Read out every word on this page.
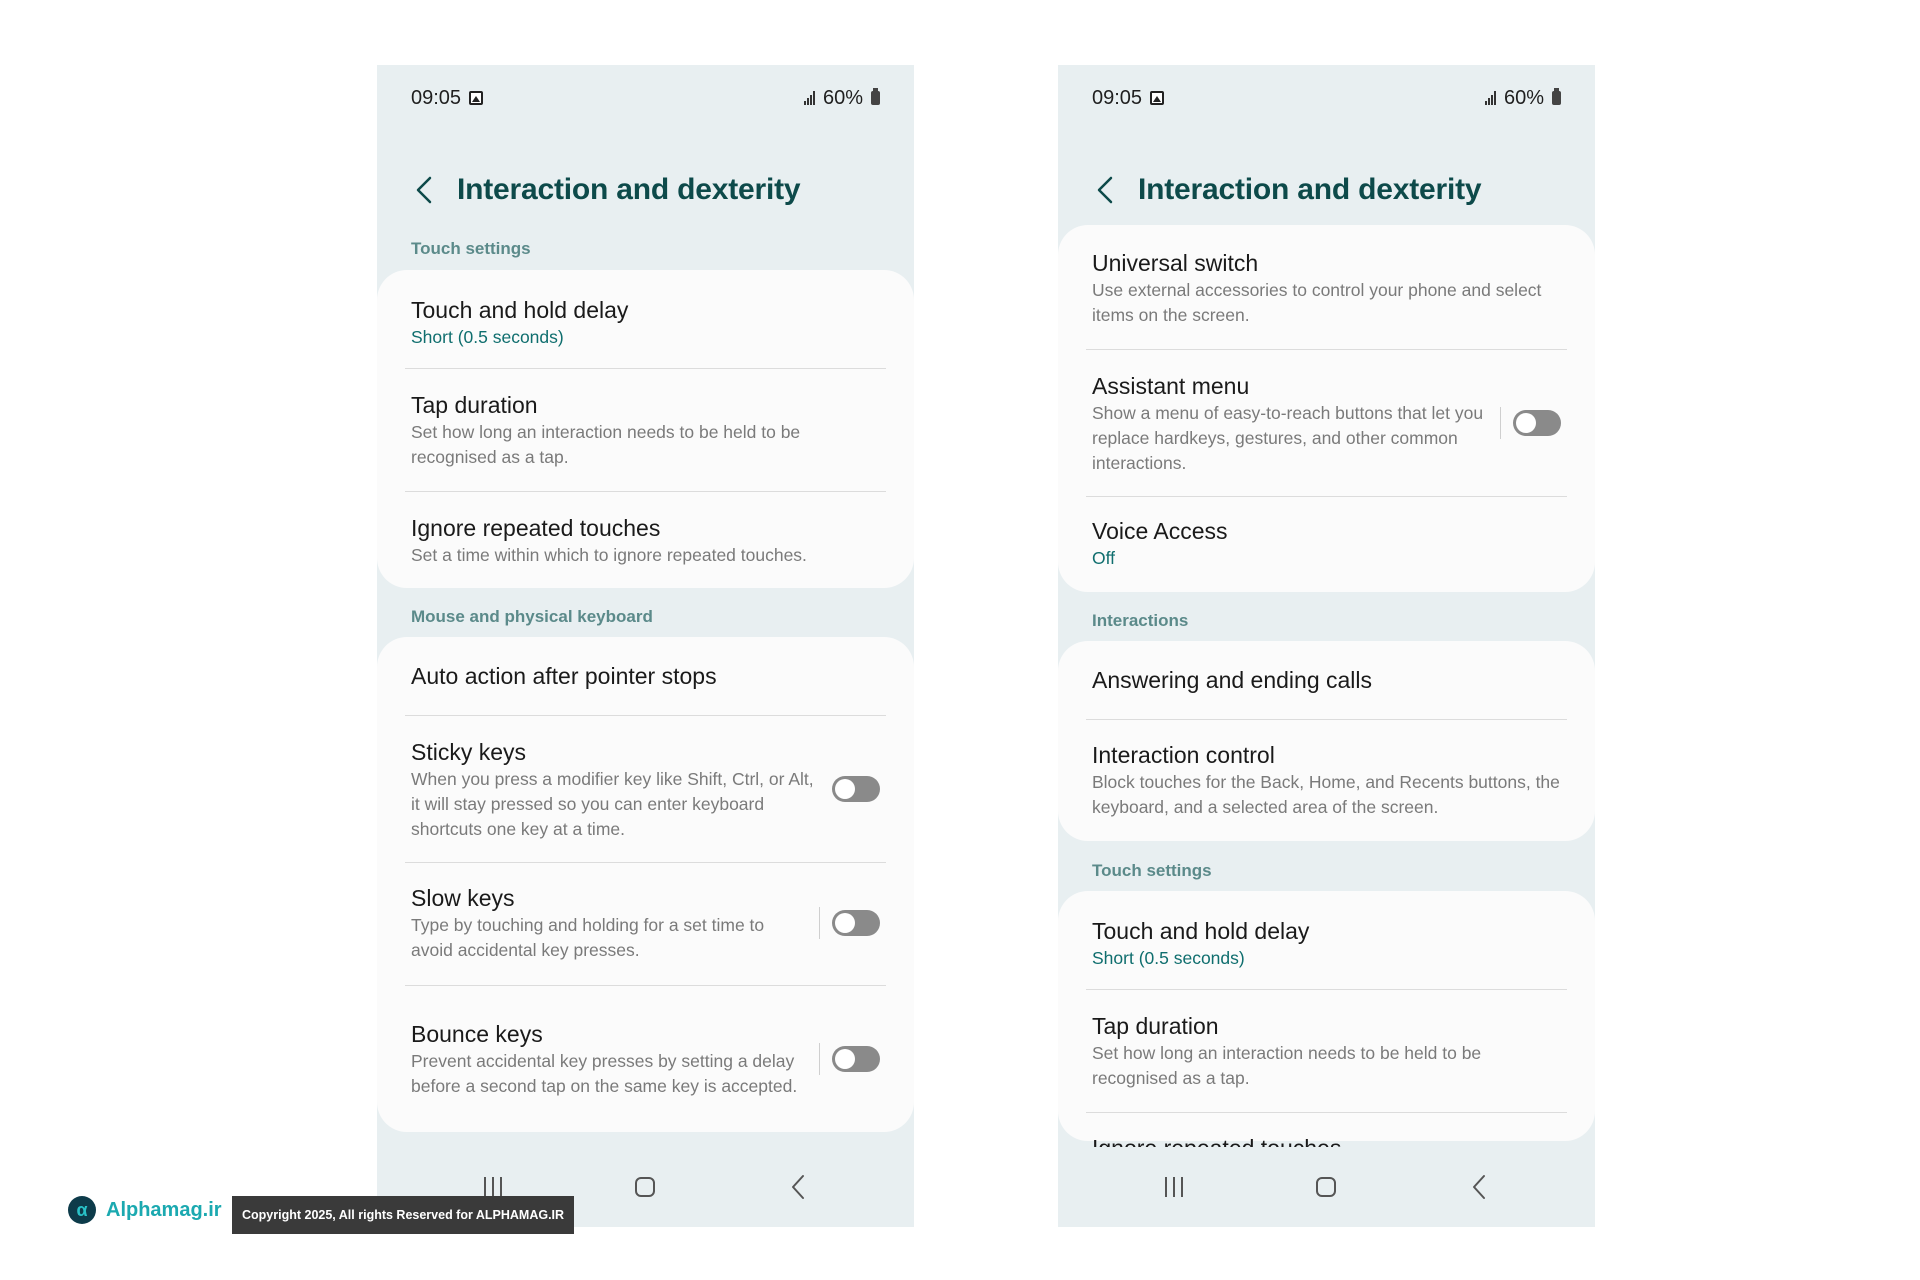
09:05	60%
Interaction and dexterity
Touch settings
Touch and hold delay
Short (0.5 seconds)
Tap duration
Set how long an interaction needs to be held to be recognised as a tap.
Ignore repeated touches
Set a time within which to ignore repeated touches.
Mouse and physical keyboard
Auto action after pointer stops
Sticky keys
When you press a modifier key like Shift, Ctrl, or Alt, it will stay pressed so you can enter keyboard shortcuts one key at a time.
Slow keys
Type by touching and holding for a set time to avoid accidental key presses.
Bounce keys
Prevent accidental key presses by setting a delay before a second tap on the same key is accepted.
09:05	60%
Interaction and dexterity
Universal switch
Use external accessories to control your phone and select items on the screen.
Assistant menu
Show a menu of easy-to-reach buttons that let you replace hardkeys, gestures, and other common interactions.
Voice Access
Off
Interactions
Answering and ending calls
Interaction control
Block touches for the Back, Home, and Recents buttons, the keyboard, and a selected area of the screen.
Touch settings
Touch and hold delay
Short (0.5 seconds)
Tap duration
Set how long an interaction needs to be held to be recognised as a tap.
α Alphamag.ir	Copyright 2025, All rights Reserved for ALPHAMAG.IR
